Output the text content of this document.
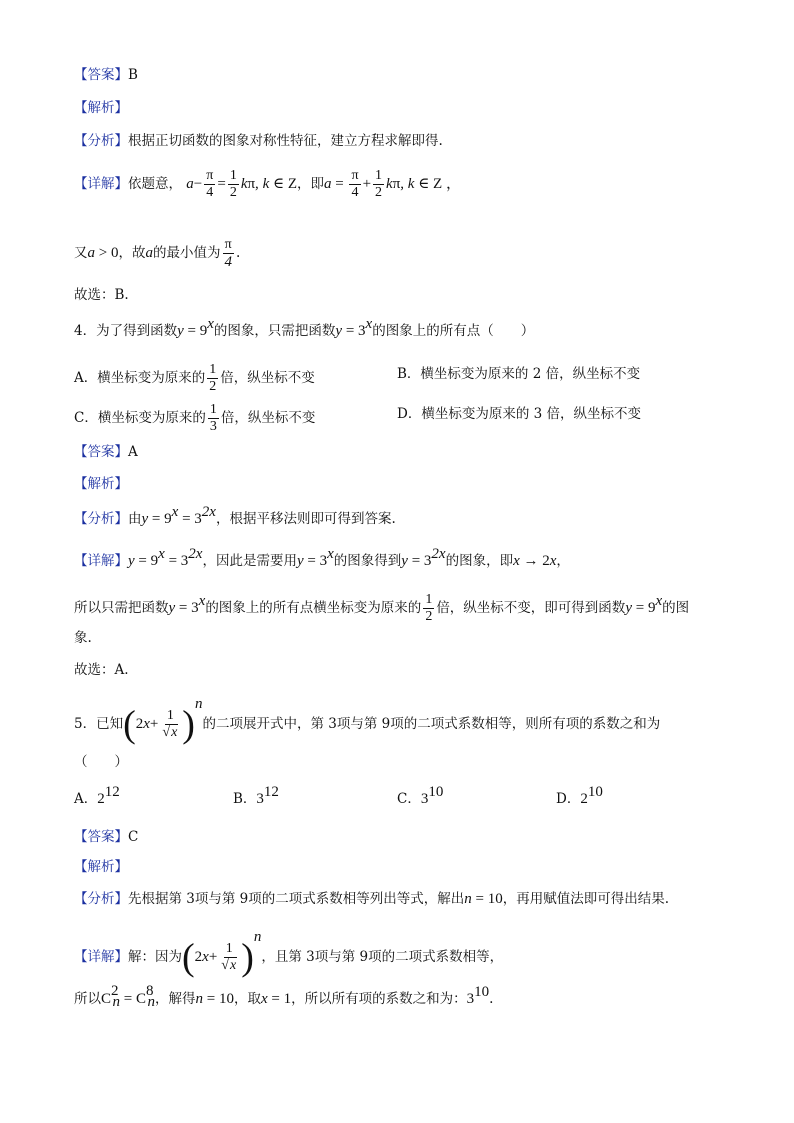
【答案】B
【解析】
【分析】根据正切函数的图象对称性特征，建立方程求解即得.
【详解】依题意， $a- \frac{\pi}{4} = \frac{1}{2} k\pi$, k ∈ Z，即$a = \frac{\pi}{4} + \frac{1}{2} k\pi$, k ∈ Z ，
又a > 0，故a的最小值为 $\frac{\pi}{4}$ .
故选：B.
4．为了得到函数$y = 9^x$的图象，只需把函数$y = 3^x$的图象上的所有点（　　）
A．横坐标变为原来的 $\frac{1}{2}$ 倍，纵坐标不变	B．横坐标变为原来的 2 倍，纵坐标不变
C．横坐标变为原来的 $\frac{1}{3}$ 倍，纵坐标不变	D．横坐标变为原来的 3 倍，纵坐标不变
【答案】A
【解析】
【分析】由$y = 9^x = 3^{2x}$，根据平移法则即可得到答案.
【详解】$y = 9^x = 3^{2x}$，因此是需要用$y = 3^x$的图象得到$y = 3^{2x}$的图象，即x → 2x，
所以只需把函数$y = 3^x$的图象上的所有点横坐标变为原来的 $\frac{1}{2}$ 倍，纵坐标不变，即可得到函数$y = 9^x$的图
象.
故选：A.
5．已知$(2x+ \frac{1}{√x} )^n$的二项展开式中，第 3项与第 9项的二项式系数相等，则所有项的系数之和为
（　　）
A．$2^{12}$	B．$3^{12}$	C．$3^{10}$	D．$2^{10}$
【答案】C
【解析】
【分析】先根据第 3项与第 9项的二项式系数相等列出等式，解出n = 10，再用赋值法即可得出结果.
【详解】解：因为$(2x+ \frac{1}{√x} )^n$，且第 3项与第 9项的二项式系数相等，
所以$C^2_n = C^8_n$，解得n = 10，取x = 1，所以所有项的系数之和为：$3^{10}$.
